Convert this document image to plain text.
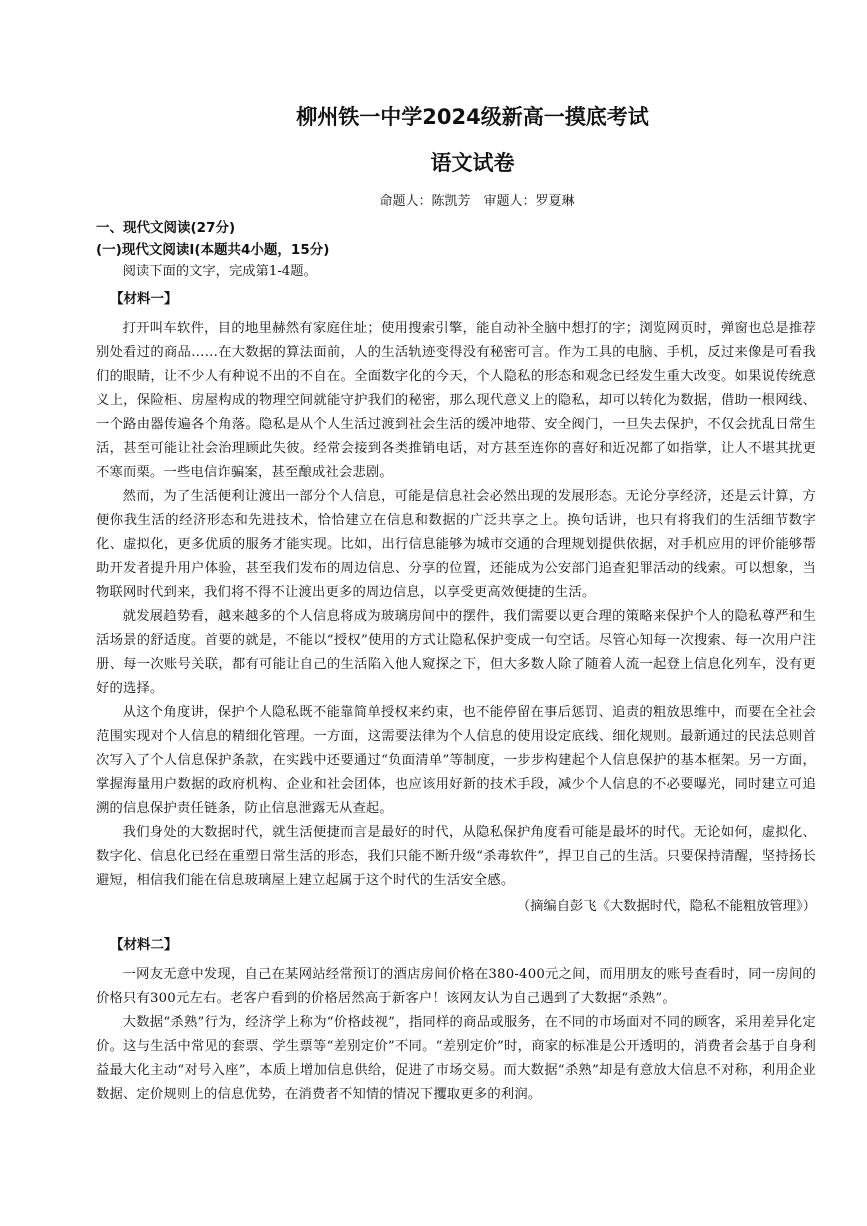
柳州铁一中学2024级新高一摸底考试
语文试卷
命题人：陈凯芳　审题人：罗夏琳

一、现代文阅读(27分)

(一)现代文阅读Ⅰ(本题共4小题，15分)

阅读下面的文字，完成第1-4题。

【材料一】

打开叫车软件，目的地里赫然有家庭住址；使用搜索引擎，能自动补全脑中想打的字；浏览网页时，弹窗也总是推荐别处看过的商品……在大数据的算法面前，人的生活轨迹变得没有秘密可言。作为工具的电脑、手机，反过来像是可看我们的眼睛，让不少人有种说不出的不自在。全面数字化的今天，个人隐私的形态和观念已经发生重大改变。如果说传统意义上，保险柜、房屋构成的物理空间就能守护我们的秘密，那么现代意义上的隐私，却可以转化为数据，借助一根网线、一个路由器传遍各个角落。隐私是从个人生活过渡到社会生活的缓冲地带、安全阀门，一旦失去保护，不仅会扰乱日常生活，甚至可能让社会治理顾此失彼。经常会接到各类推销电话，对方甚至连你的喜好和近况都了如指掌，让人不堪其扰更不寒而栗。一些电信诈骗案，甚至酿成社会悲剧。

然而，为了生活便利让渡出一部分个人信息，可能是信息社会必然出现的发展形态。无论分享经济，还是云计算，方便你我生活的经济形态和先进技术，恰恰建立在信息和数据的广泛共享之上。换句话讲，也只有将我们的生活细节数字化、虚拟化，更多优质的服务才能实现。比如，出行信息能够为城市交通的合理规划提供依据，对手机应用的评价能够帮助开发者提升用户体验，甚至我们发布的周边信息、分享的位置，还能成为公安部门追查犯罪活动的线索。可以想象，当物联网时代到来，我们将不得不让渡出更多的周边信息，以享受更高效便捷的生活。

就发展趋势看，越来越多的个人信息将成为玻璃房间中的摆件，我们需要以更合理的策略来保护个人的隐私尊严和生活场景的舒适度。首要的就是，不能以“授权”使用的方式让隐私保护变成一句空话。尽管心知每一次搜索、每一次用户注册、每一次账号关联，都有可能让自己的生活陷入他人窥探之下，但大多数人除了随着人流一起登上信息化列车，没有更好的选择。

从这个角度讲，保护个人隐私既不能靠简单授权来约束，也不能停留在事后惩罚、追责的粗放思维中，而要在全社会范围实现对个人信息的精细化管理。一方面，这需要法律为个人信息的使用设定底线、细化规则。最新通过的民法总则首次写入了个人信息保护条款，在实践中还要通过“负面清单”等制度，一步步构建起个人信息保护的基本框架。另一方面，掌握海量用户数据的政府机构、企业和社会团体，也应该用好新的技术手段，减少个人信息的不必要曝光，同时建立可追溯的信息保护责任链条，防止信息泄露无从查起。

我们身处的大数据时代，就生活便捷而言是最好的时代，从隐私保护角度看可能是最坏的时代。无论如何，虚拟化、数字化、信息化已经在重塑日常生活的形态，我们只能不断升级“杀毒软件”，捍卫自己的生活。只要保持清醒，坚持扬长避短，相信我们能在信息玻璃屋上建立起属于这个时代的生活安全感。

（摘编自彭飞《大数据时代，隐私不能粗放管理》）

【材料二】

一网友无意中发现，自己在某网站经常预订的酒店房间价格在380-400元之间，而用朋友的账号查看时，同一房间的价格只有300元左右。老客户看到的价格居然高于新客户！该网友认为自己遇到了大数据“杀熟”。

大数据“杀熟”行为，经济学上称为“价格歧视”，指同样的商品或服务，在不同的市场面对不同的顾客，采用差异化定价。这与生活中常见的套票、学生票等“差别定价”不同。“差别定价”时，商家的标准是公开透明的，消费者会基于自身利益最大化主动“对号入座”，本质上增加信息供给，促进了市场交易。而大数据“杀熟”却是有意放大信息不对称，利用企业数据、定价规则上的信息优势，在消费者不知情的情况下攫取更多的利润。
